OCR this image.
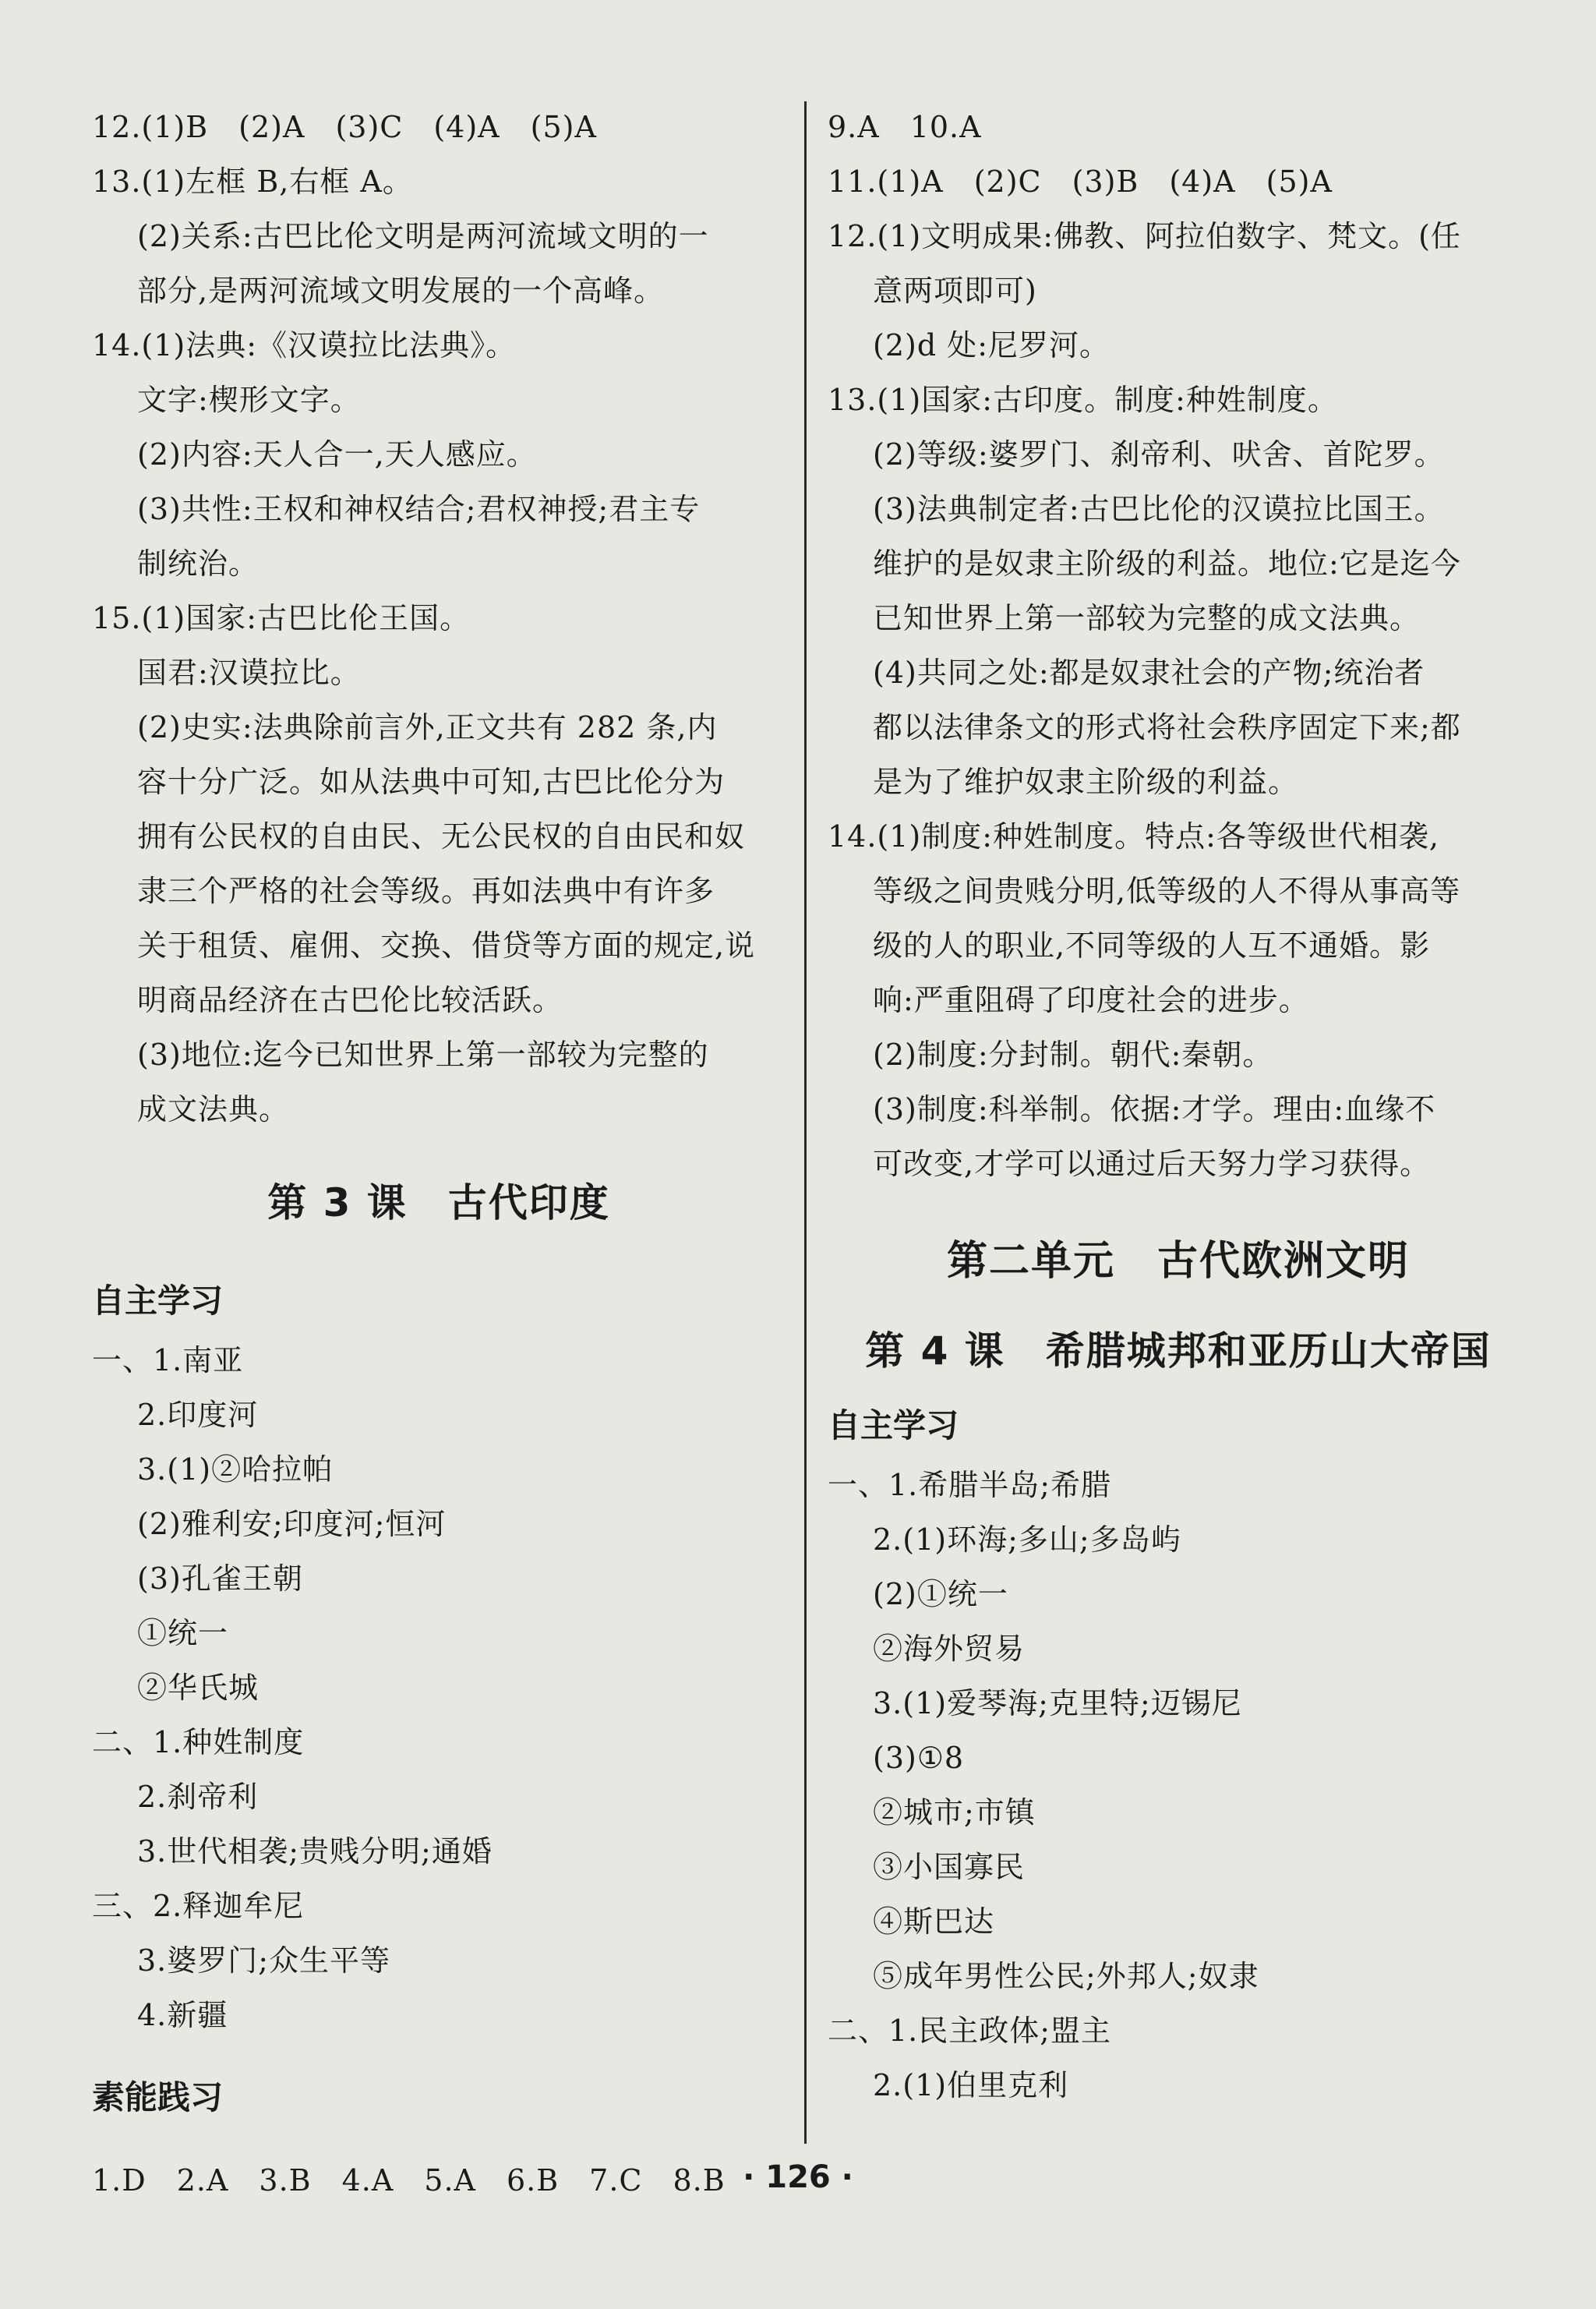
12.(1)B　(2)A　(3)C　(4)A　(5)A
13.(1)左框 B,右框 A。
(2)关系:古巴比伦文明是两河流域文明的一
部分,是两河流域文明发展的一个高峰。
14.(1)法典:《汉谟拉比法典》。
文字:楔形文字。
(2)内容:天人合一,天人感应。
(3)共性:王权和神权结合;君权神授;君主专
制统治。
15.(1)国家:古巴比伦王国。
国君:汉谟拉比。
(2)史实:法典除前言外,正文共有 282 条,内
容十分广泛。如从法典中可知,古巴比伦分为
拥有公民权的自由民、无公民权的自由民和奴
隶三个严格的社会等级。再如法典中有许多
关于租赁、雇佣、交换、借贷等方面的规定,说
明商品经济在古巴伦比较活跃。
(3)地位:迄今已知世界上第一部较为完整的
成文法典。
第 3 课　古代印度
自主学习
一、1.南亚
2.印度河
3.(1)②哈拉帕
(2)雅利安;印度河;恒河
(3)孔雀王朝
①统一
②华氏城
二、1.种姓制度
2.刹帝利
3.世代相袭;贵贱分明;通婚
三、2.释迦牟尼
3.婆罗门;众生平等
4.新疆
素能践习
1.D　2.A　3.B　4.A　5.A　6.B　7.C　8.B
9.A　10.A
11.(1)A　(2)C　(3)B　(4)A　(5)A
12.(1)文明成果:佛教、阿拉伯数字、梵文。(任
意两项即可)
(2)d 处:尼罗河。
13.(1)国家:古印度。制度:种姓制度。
(2)等级:婆罗门、刹帝利、吠舍、首陀罗。
(3)法典制定者:古巴比伦的汉谟拉比国王。
维护的是奴隶主阶级的利益。地位:它是迄今
已知世界上第一部较为完整的成文法典。
(4)共同之处:都是奴隶社会的产物;统治者
都以法律条文的形式将社会秩序固定下来;都
是为了维护奴隶主阶级的利益。
14.(1)制度:种姓制度。特点:各等级世代相袭,
等级之间贵贱分明,低等级的人不得从事高等
级的人的职业,不同等级的人互不通婚。影
响:严重阻碍了印度社会的进步。
(2)制度:分封制。朝代:秦朝。
(3)制度:科举制。依据:才学。理由:血缘不
可改变,才学可以通过后天努力学习获得。
第二单元　古代欧洲文明
第 4 课　希腊城邦和亚历山大帝国
自主学习
一、1.希腊半岛;希腊
2.(1)环海;多山;多岛屿
(2)①统一
②海外贸易
3.(1)爱琴海;克里特;迈锡尼
(3)①8
②城市;市镇
③小国寡民
④斯巴达
⑤成年男性公民;外邦人;奴隶
二、1.民主政体;盟主
2.(1)伯里克利
· 126 ·
